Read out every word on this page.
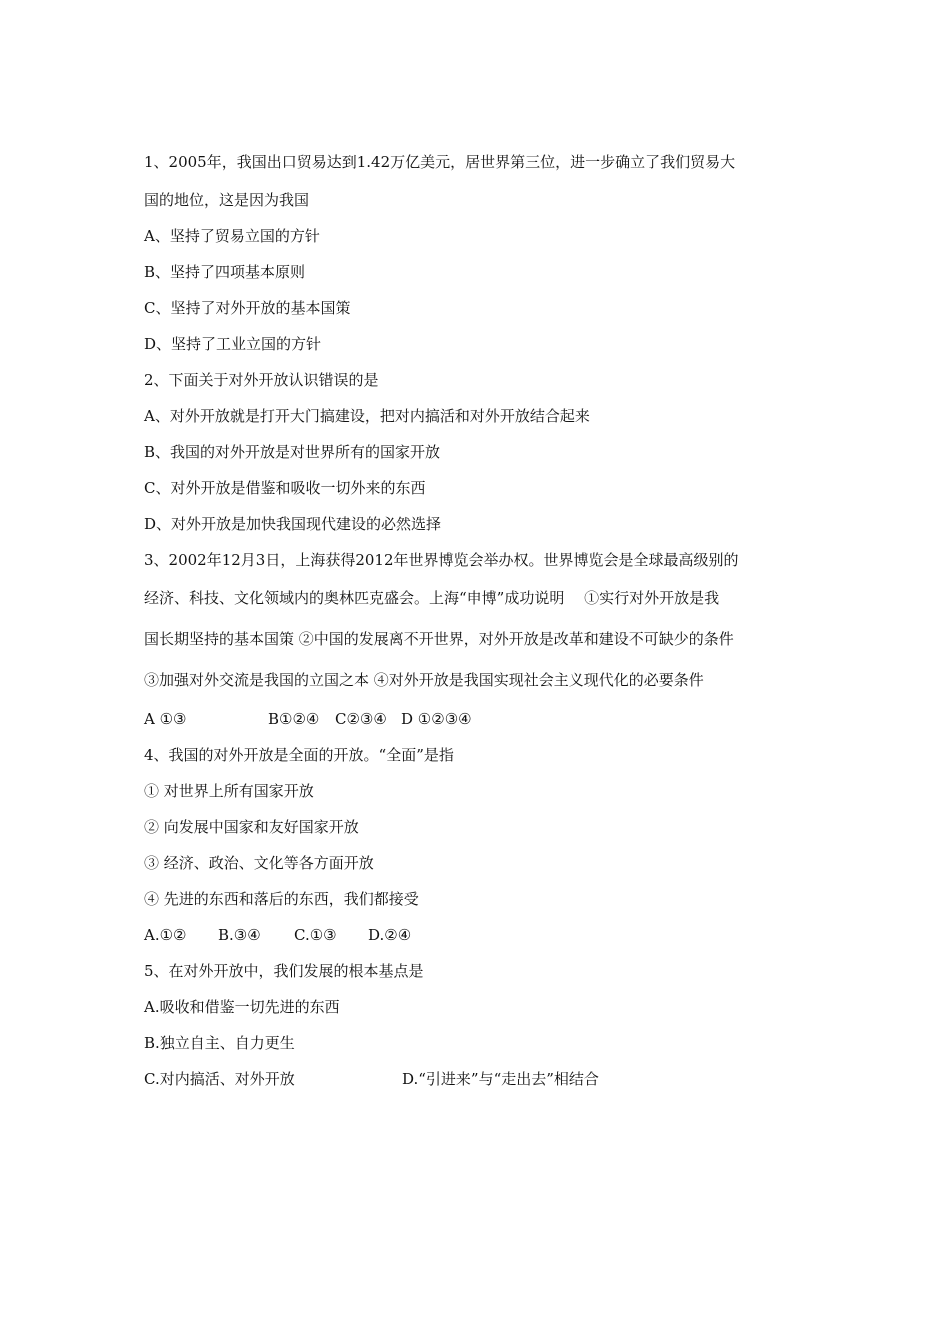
1、2005年，我国出口贸易达到1.42万亿美元，居世界第三位，进一步确立了我们贸易大

国的地位，这是因为我国

A、坚持了贸易立国的方针

B、坚持了四项基本原则

C、坚持了对外开放的基本国策

D、坚持了工业立国的方针

2、下面关于对外开放认识错误的是

A、对外开放就是打开大门搞建设，把对内搞活和对外开放结合起来

B、我国的对外开放是对世界所有的国家开放

C、对外开放是借鉴和吸收一切外来的东西

D、对外开放是加快我国现代建设的必然选择

3、2002年12月3日，上海获得2012年世界博览会举办权。世界博览会是全球最高级别的

经济、科技、文化领域内的奥林匹克盛会。上海“申博”成功说明　 ①实行对外开放是我

国长期坚持的基本国策 ②中国的发展离不开世界，对外开放是改革和建设不可缺少的条件

③加强对外交流是我国的立国之本 ④对外开放是我国实现社会主义现代化的必要条件

A ①③	B①②④	C②③④ D ①②③④

4、我国的对外开放是全面的开放。“全面”是指

① 对世界上所有国家开放

② 向发展中国家和友好国家开放

③ 经济、政治、文化等各方面开放

④ 先进的东西和落后的东西，我们都接受

A.①②	B.③④	C.①③	D.②④

5、在对外开放中，我们发展的根本基点是

A.吸收和借鉴一切先进的东西

B.独立自主、自力更生

C.对内搞活、对外开放	D.“引进来”与“走出去”相结合
